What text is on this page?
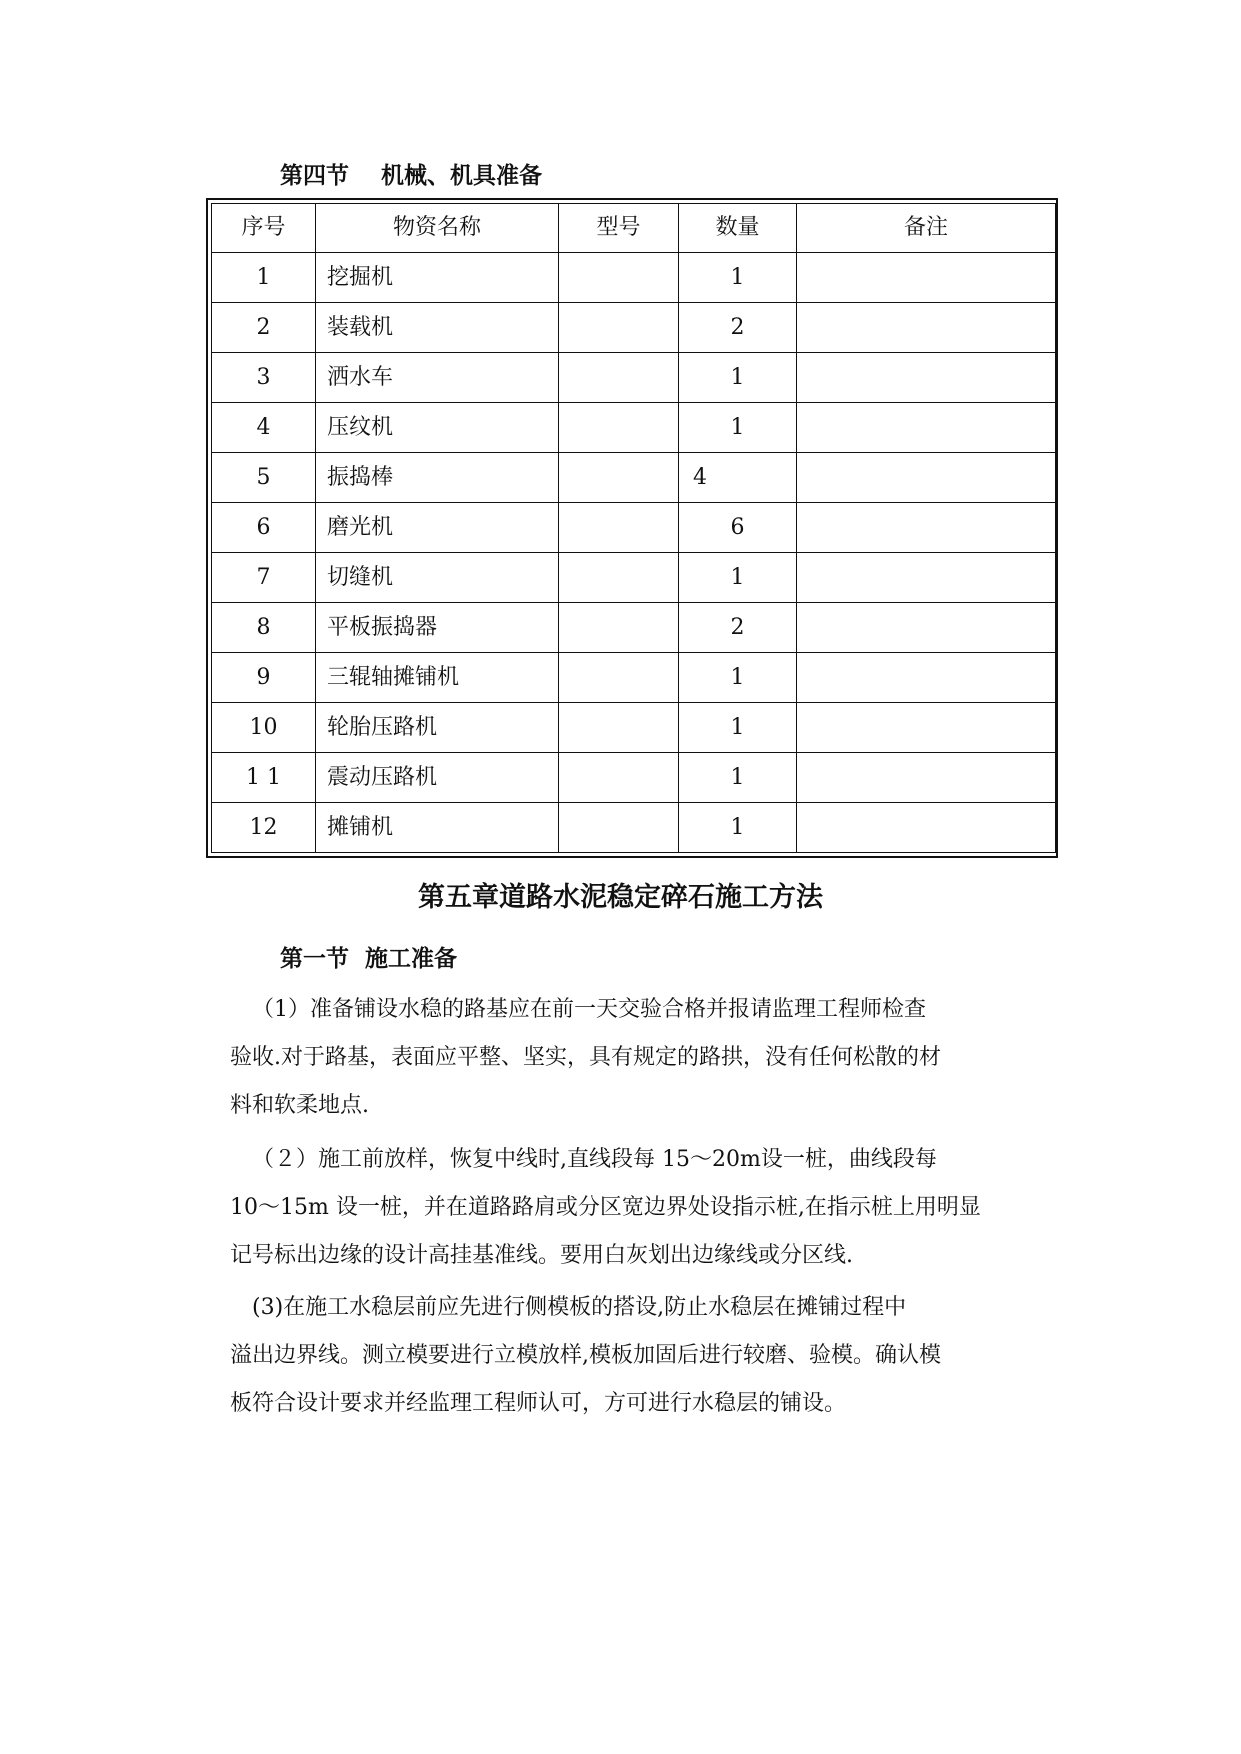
第四节    机械、机具准备
序号	物资名称	型号	数量	备注
1	挖掘机		1	
2	装载机		2	
3	洒水车		1	
4	压纹机		1	
5	振捣棒		4	
6	磨光机		6	
7	切缝机		1	
8	平板振捣器		2	
9	三辊轴摊铺机		1	
10	轮胎压路机		1	
1 1	震动压路机		1	
12	摊铺机		1	
第五章道路水泥稳定碎石施工方法
第一节  施工准备
（1）准备铺设水稳的路基应在前一天交验合格并报请监理工程师检查
验收.对于路基，表面应平整、坚实，具有规定的路拱，没有任何松散的材
料和软柔地点.
（２）施工前放样，恢复中线时,直线段每 15～20m设一桩，曲线段每
10～15m 设一桩，并在道路路肩或分区宽边界处设指示桩,在指示桩上用明显
记号标出边缘的设计高挂基准线。要用白灰划出边缘线或分区线.
(3)在施工水稳层前应先进行侧模板的搭设,防止水稳层在摊铺过程中
溢出边界线。测立模要进行立模放样,模板加固后进行较磨、验模。确认模
板符合设计要求并经监理工程师认可，方可进行水稳层的铺设。
